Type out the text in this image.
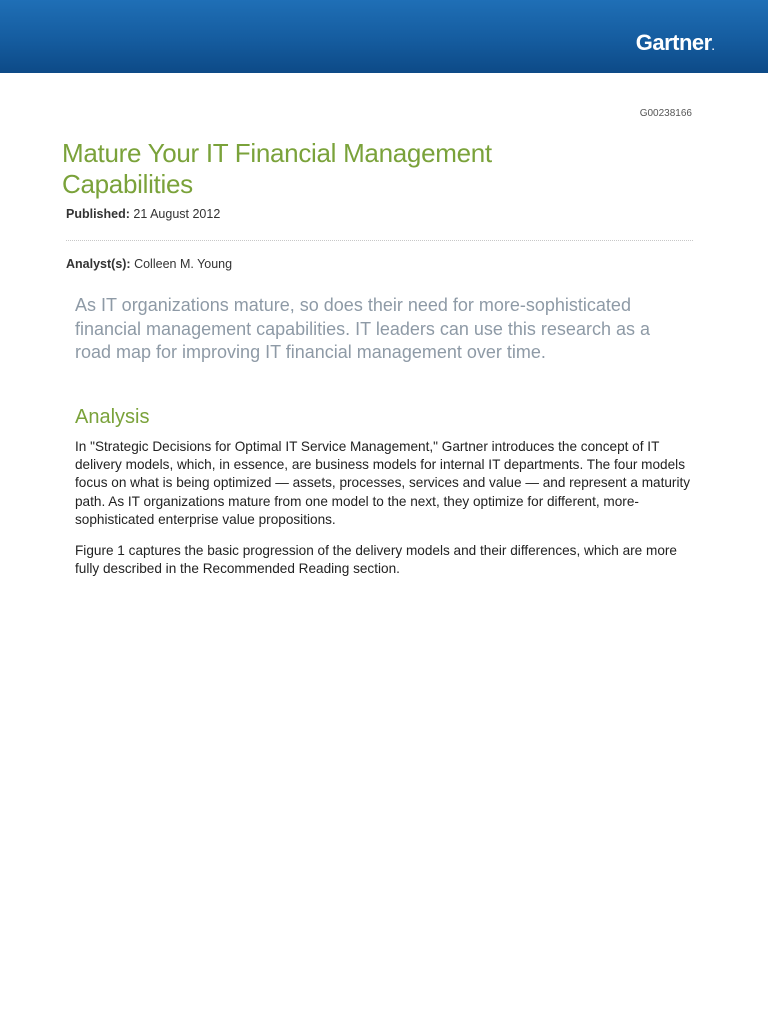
Gartner.
G00238166
Mature Your IT Financial Management Capabilities
Published: 21 August 2012
Analyst(s): Colleen M. Young

As IT organizations mature, so does their need for more-sophisticated financial management capabilities. IT leaders can use this research as a road map for improving IT financial management over time.

Analysis

In "Strategic Decisions for Optimal IT Service Management," Gartner introduces the concept of IT delivery models, which, in essence, are business models for internal IT departments. The four models focus on what is being optimized — assets, processes, services and value — and represent a maturity path. As IT organizations mature from one model to the next, they optimize for different, more-sophisticated enterprise value propositions.

Figure 1 captures the basic progression of the delivery models and their differences, which are more fully described in the Recommended Reading section.
